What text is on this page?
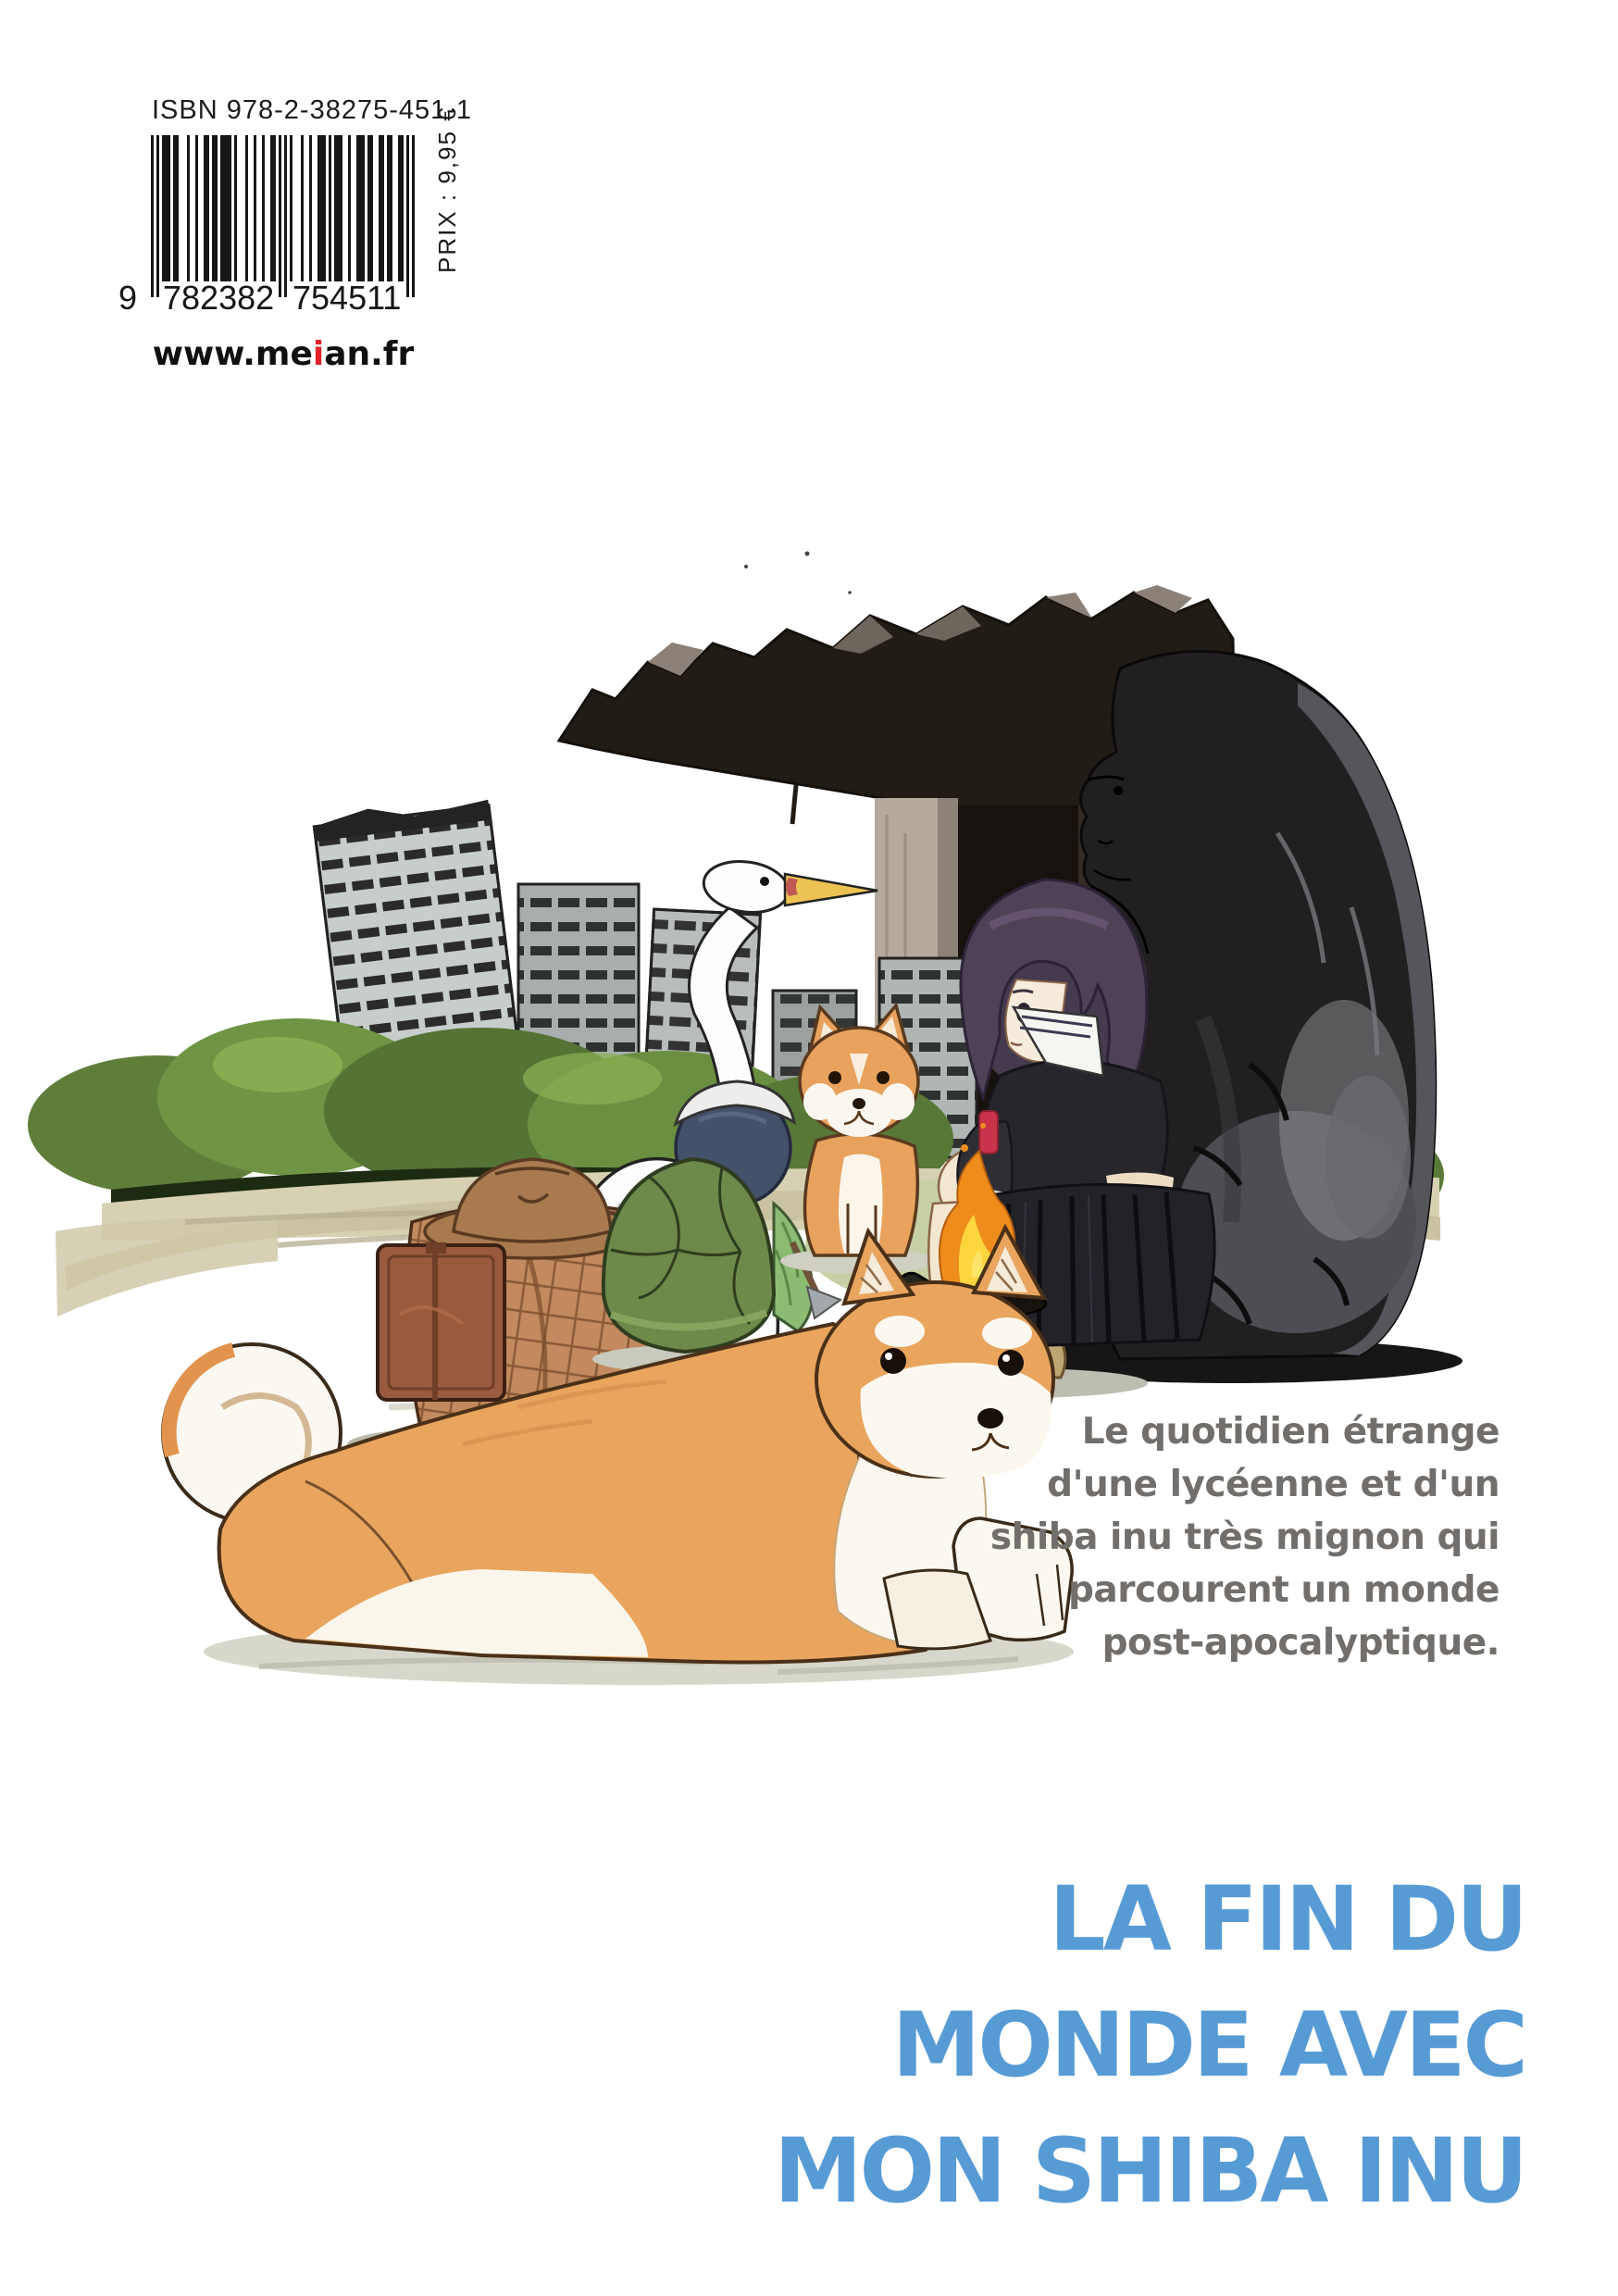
ISBN 978-2-38275-451-1
9 782382 754511
PRIX : 9,95 €
www.meian.fr
Le quotidien étrange
d'une lycéenne et d'un
shiba inu très mignon qui
parcourent un monde
post-apocalyptique.
LA FIN DU
MONDE AVEC
MON SHIBA INU
